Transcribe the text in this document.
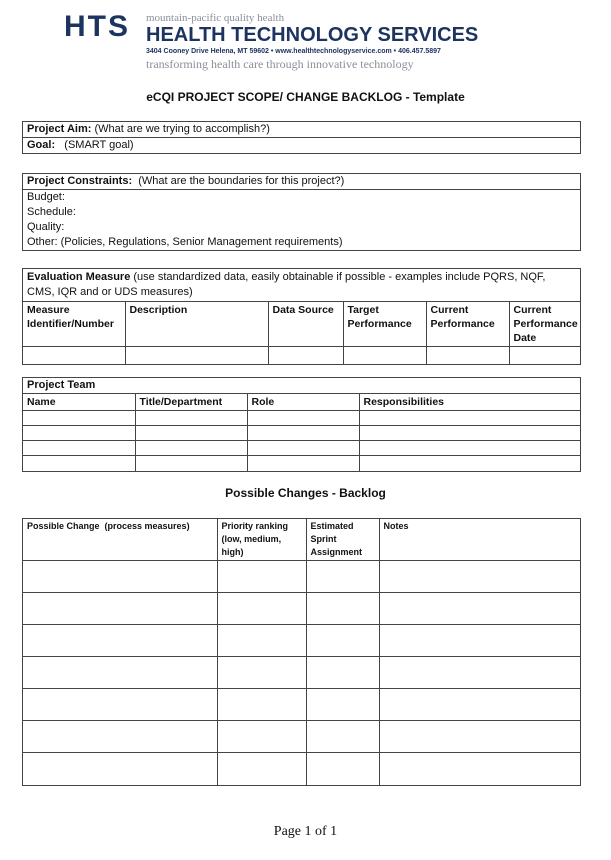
HTS	mountain-pacific quality health
HEALTH TECHNOLOGY SERVICES
3404 Cooney Drive Helena, MT 59602 • www.healthtechnologyservice.com • 406.457.5897
transforming health care through innovative technology
eCQI PROJECT SCOPE/ CHANGE BACKLOG - Template
Project Aim: (What are we trying to accomplish?)
Goal:   (SMART goal)
Project Constraints:  (What are the boundaries for this project?)
Budget:
Schedule:
Quality:
Other: (Policies, Regulations, Senior Management requirements)
Evaluation Measure (use standardized data, easily obtainable if possible - examples include PQRS, NQF, CMS, IQR and or UDS measures)
Measure Identifier/Number	Description	Data Source	Target Performance	Current Performance	Current Performance Date

Project Team
Name	Title/Department	Role	Responsibilities

Possible Changes - Backlog
Possible Change  (process measures)	Priority ranking (low, medium, high)	Estimated Sprint Assignment	Notes

Page 1 of 1
